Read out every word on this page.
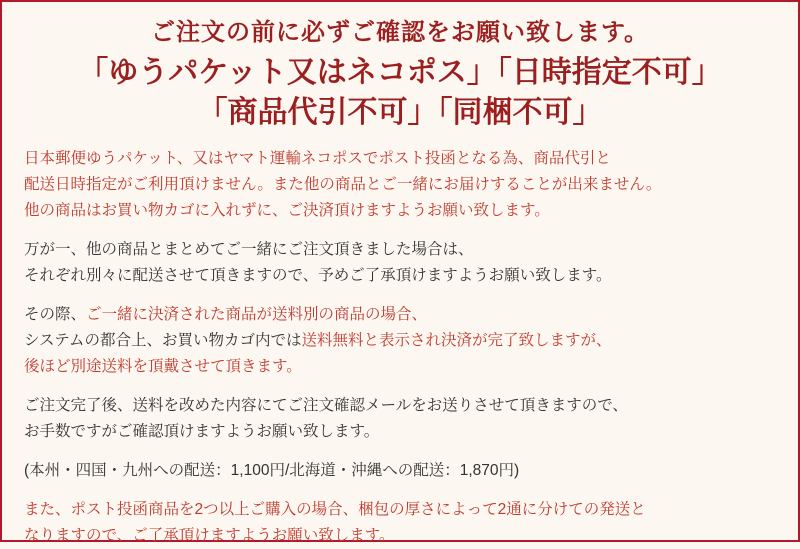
ご注文の前に必ずご確認をお願い致します。
「ゆうパケット又はネコポス」「日時指定不可」
「商品代引不可」「同梱不可」
日本郵便ゆうパケット、又はヤマト運輸ネコポスでポスト投函となる為、商品代引と
配送日時指定がご利用頂けません。また他の商品とご一緒にお届けすることが出来ません。
他の商品はお買い物カゴに入れずに、ご決済頂けますようお願い致します。
万が一、他の商品とまとめてご一緒にご注文頂きました場合は、
それぞれ別々に配送させて頂きますので、予めご了承頂けますようお願い致します。
その際、ご一緒に決済された商品が送料別の商品の場合、
システムの都合上、お買い物カゴ内では送料無料と表示され決済が完了致しますが、
後ほど別途送料を頂戴させて頂きます。
ご注文完了後、送料を改めた内容にてご注文確認メールをお送りさせて頂きますので、
お手数ですがご確認頂けますようお願い致します。
(本州・四国・九州への配送：1,100円/北海道・沖縄への配送：1,870円)
また、ポスト投函商品を2つ以上ご購入の場合、梱包の厚さによって2通に分けての発送と
なりますので、ご了承頂けますようお願い致します。
